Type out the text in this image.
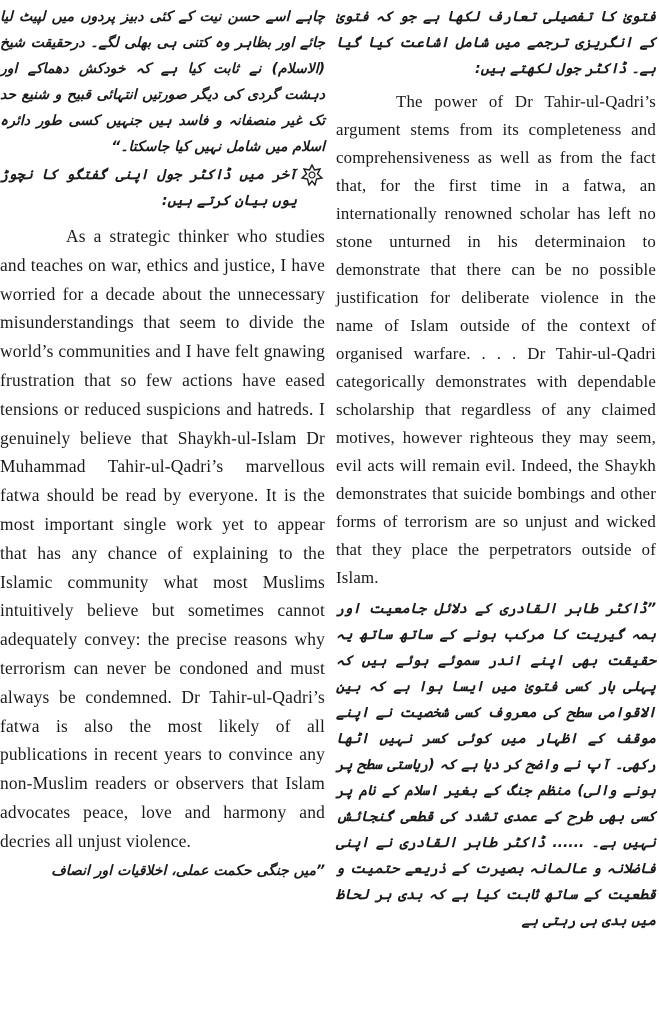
چاہے اسے حسن نیت کے کئی دبیز پردوں میں لپیٹ لیا جائے اور بظاہر وہ کتنی ہی بھلی لگے۔ درحقیقت شیخ (الاسلام) نے ثابت کیا ہے کہ خودکش دھماکے اور دہشت گردی کی دیگر صورتیں انتہائی قبیح و شنیع حد تک غیر منصفانہ و فاسد ہیں جنہیں کسی طور دائرہ اسلام میں شامل نہیں کیا جاسکتا۔“

آخر میں ڈاکٹر جول اپنی گفتگو کا نچوڑ یوں بیان کرتے ہیں:

As a strategic thinker who studies and teaches on war, ethics and justice, I have worried for a decade about the unnecessary misunderstandings that seem to divide the world’s communities and I have felt gnawing frustration that so few actions have eased tensions or reduced suspicions and hatreds. I genuinely believe that Shaykh-ul-Islam Dr Muhammad Tahir-ul-Qadri’s marvellous fatwa should be read by everyone. It is the most important single work yet to appear that has any chance of explaining to the Islamic community what most Muslims intuitively believe but sometimes cannot adequately convey: the precise reasons why terrorism can never be condoned and must always be condemned. Dr Tahir-ul-Qadri’s fatwa is also the most likely of all publications in recent years to convince any non-Muslim readers or observers that Islam advocates peace, love and harmony and decries all unjust violence.

”میں جنگی حکمت عملی، اخلاقیات اور انصاف

فتویٰ کا تفصیلی تعارف لکھا ہے جو کہ فتویٰ کے انگریزی ترجمے میں شامل اشاعت کیا گیا ہے۔ ڈاکٹر جول لکھتے ہیں:

The power of Dr Tahir-ul-Qadri’s argument stems from its completeness and comprehensiveness as well as from the fact that, for the first time in a fatwa, an internationally renowned scholar has left no stone unturned in his determinaion to demonstrate that there can be no possible justification for deliberate violence in the name of Islam outside of the context of organised warfare. . . . Dr Tahir-ul-Qadri categorically demonstrates with dependable scholarship that regardless of any claimed motives, however righteous they may seem, evil acts will remain evil. Indeed, the Shaykh demonstrates that suicide bombings and other forms of terrorism are so unjust and wicked that they place the perpetrators outside of Islam.

”ڈاکٹر طاہر القادری کے دلائل جامعیت اور ہمہ گیریت کا مرکب ہونے کے ساتھ ساتھ یہ حقیقت بھی اپنے اندر سموئے ہوئے ہیں کہ پہلی بار کسی فتویٰ میں ایسا ہوا ہے کہ بین الاقوامی سطح کی معروف کسی شخصیت نے اپنے موقف کے اظہار میں کوئی کسر نہیں اٹھا رکھی۔ آپ نے واضح کر دیا ہے کہ (ریاستی سطح پر ہونے والی) منظم جنگ کے بغیر اسلام کے نام پر کسی بھی طرح کے عمدی تشدد کی قطعی گنجائش نہیں ہے۔ ...... ڈاکٹر طاہر القادری نے اپنی فاضلانہ و عالمانہ بصیرت کے ذریعے حتمیت و قطعیت کے ساتھ ثابت کیا ہے کہ بدی ہر لحاظ میں بدی ہی رہتی ہے
